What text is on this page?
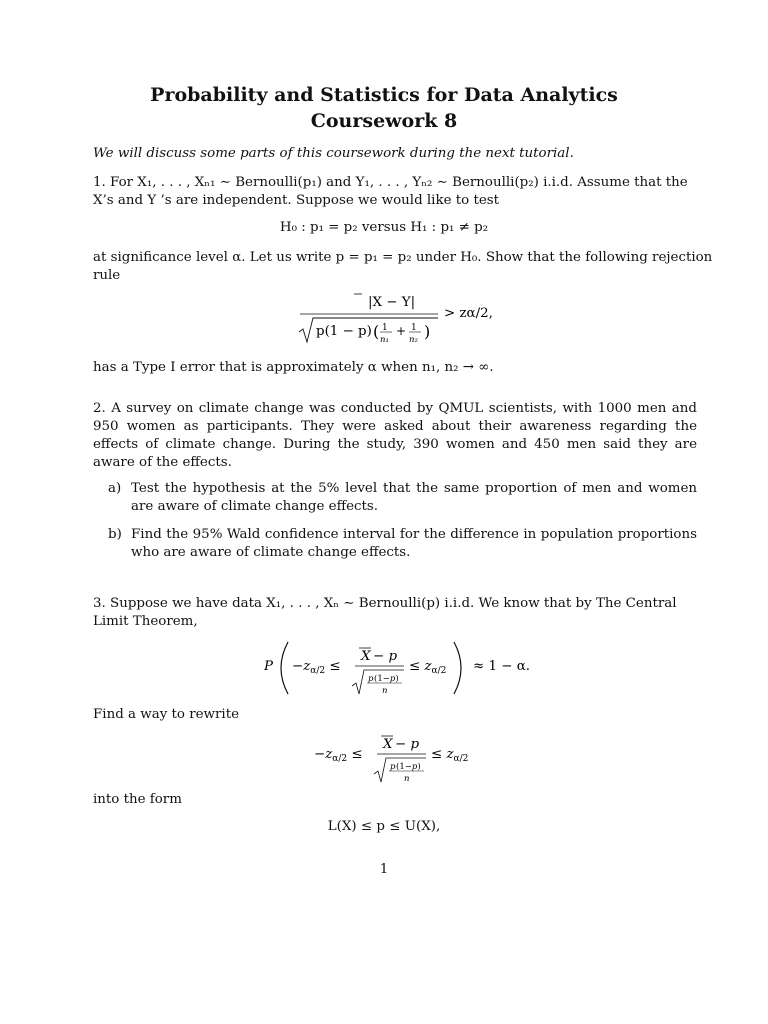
Probability and Statistics for Data Analytics
Coursework 8
We will discuss some parts of this coursework during the next tutorial.
1. For X₁, . . . , Xₙ₁ ∼ Bernoulli(p₁) and Y₁, . . . , Yₙ₂ ∼ Bernoulli(p₂) i.i.d. Assume that the
X’s and Y ’s are independent. Suppose we would like to test
H₀ : p₁ = p₂ versus H₁ : p₁ ≠ p₂
at significance level α. Let us write p = p₁ = p₂ under H₀. Show that the following rejection
rule
|X − Y|
p(1 − p) ( 1
n₁
+ 1
n₂ )
> zα/2,
has a Type I error that is approximately α when n₁, n₂ → ∞.
2. A survey on climate change was conducted by QMUL scientists, with 1000 men and 950 women as participants. They were asked about their awareness regarding the effects of climate change. During the study, 390 women and 450 men said they are aware of the effects.
a) Test the hypothesis at the 5% level that the same proportion of men and women are aware of climate change effects.
b) Find the 95% Wald confidence interval for the difference in population proportions who are aware of climate change effects.
3. Suppose we have data X₁, . . . , Xₙ ∼ Bernoulli(p) i.i.d. We know that by The Central
Limit Theorem,
$P -z_{\alpha/2}$ ≤
X − p
p (1−p)
n
≤ $z_{\alpha/2} \approx 1 - \alpha$.
Find a way to rewrite
$-z_{\alpha/2}$ ≤
X − p
p (1−p)
n
≤ $z_{\alpha/2}$
into the form
L(X) ≤ p ≤ U(X),
1
